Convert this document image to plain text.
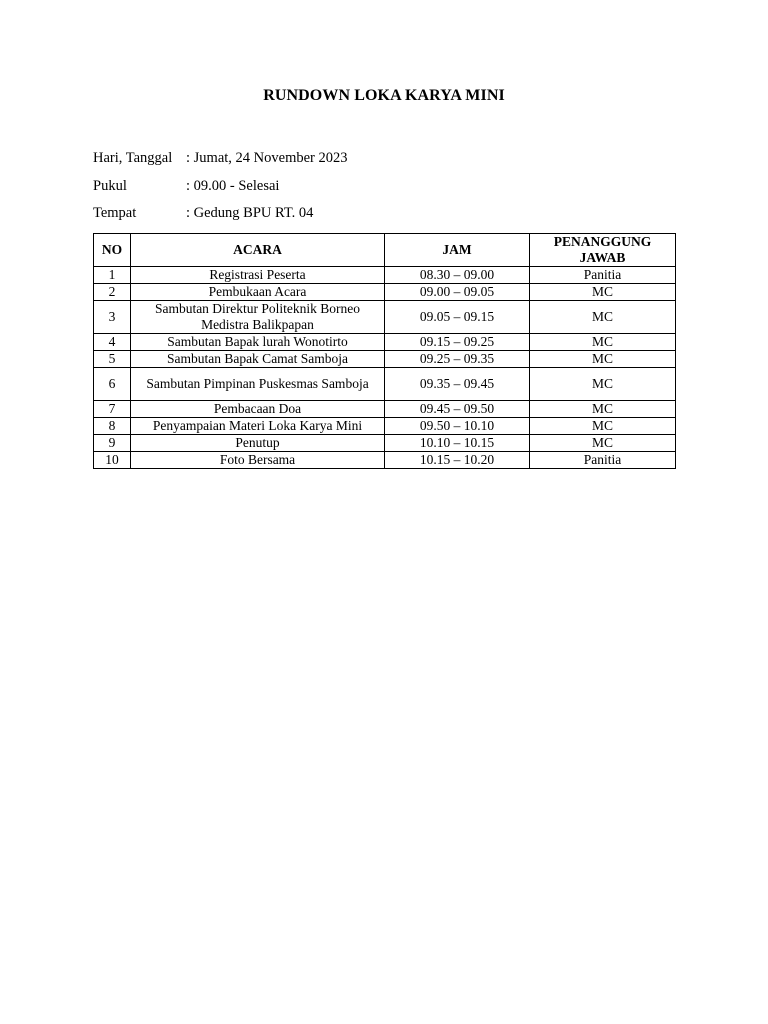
RUNDOWN LOKA KARYA MINI
Hari, Tanggal : Jumat, 24 November 2023
Pukul	: 09.00 - Selesai
Tempat	: Gedung BPU RT. 04
NO	ACARA	JAM	PENANGGUNG JAWAB
1	Registrasi Peserta	08.30 – 09.00	Panitia
2	Pembukaan Acara	09.00 – 09.05	MC
3	Sambutan Direktur Politeknik Borneo Medistra Balikpapan	09.05 – 09.15	MC
4	Sambutan Bapak lurah Wonotirto	09.15 – 09.25	MC
5	Sambutan Bapak Camat Samboja	09.25 – 09.35	MC
6	Sambutan Pimpinan Puskesmas Samboja	09.35 – 09.45	MC
7	Pembacaan Doa	09.45 – 09.50	MC
8	Penyampaian Materi Loka Karya Mini	09.50 – 10.10	MC
9	Penutup	10.10 – 10.15	MC
10	Foto Bersama	10.15 – 10.20	Panitia
